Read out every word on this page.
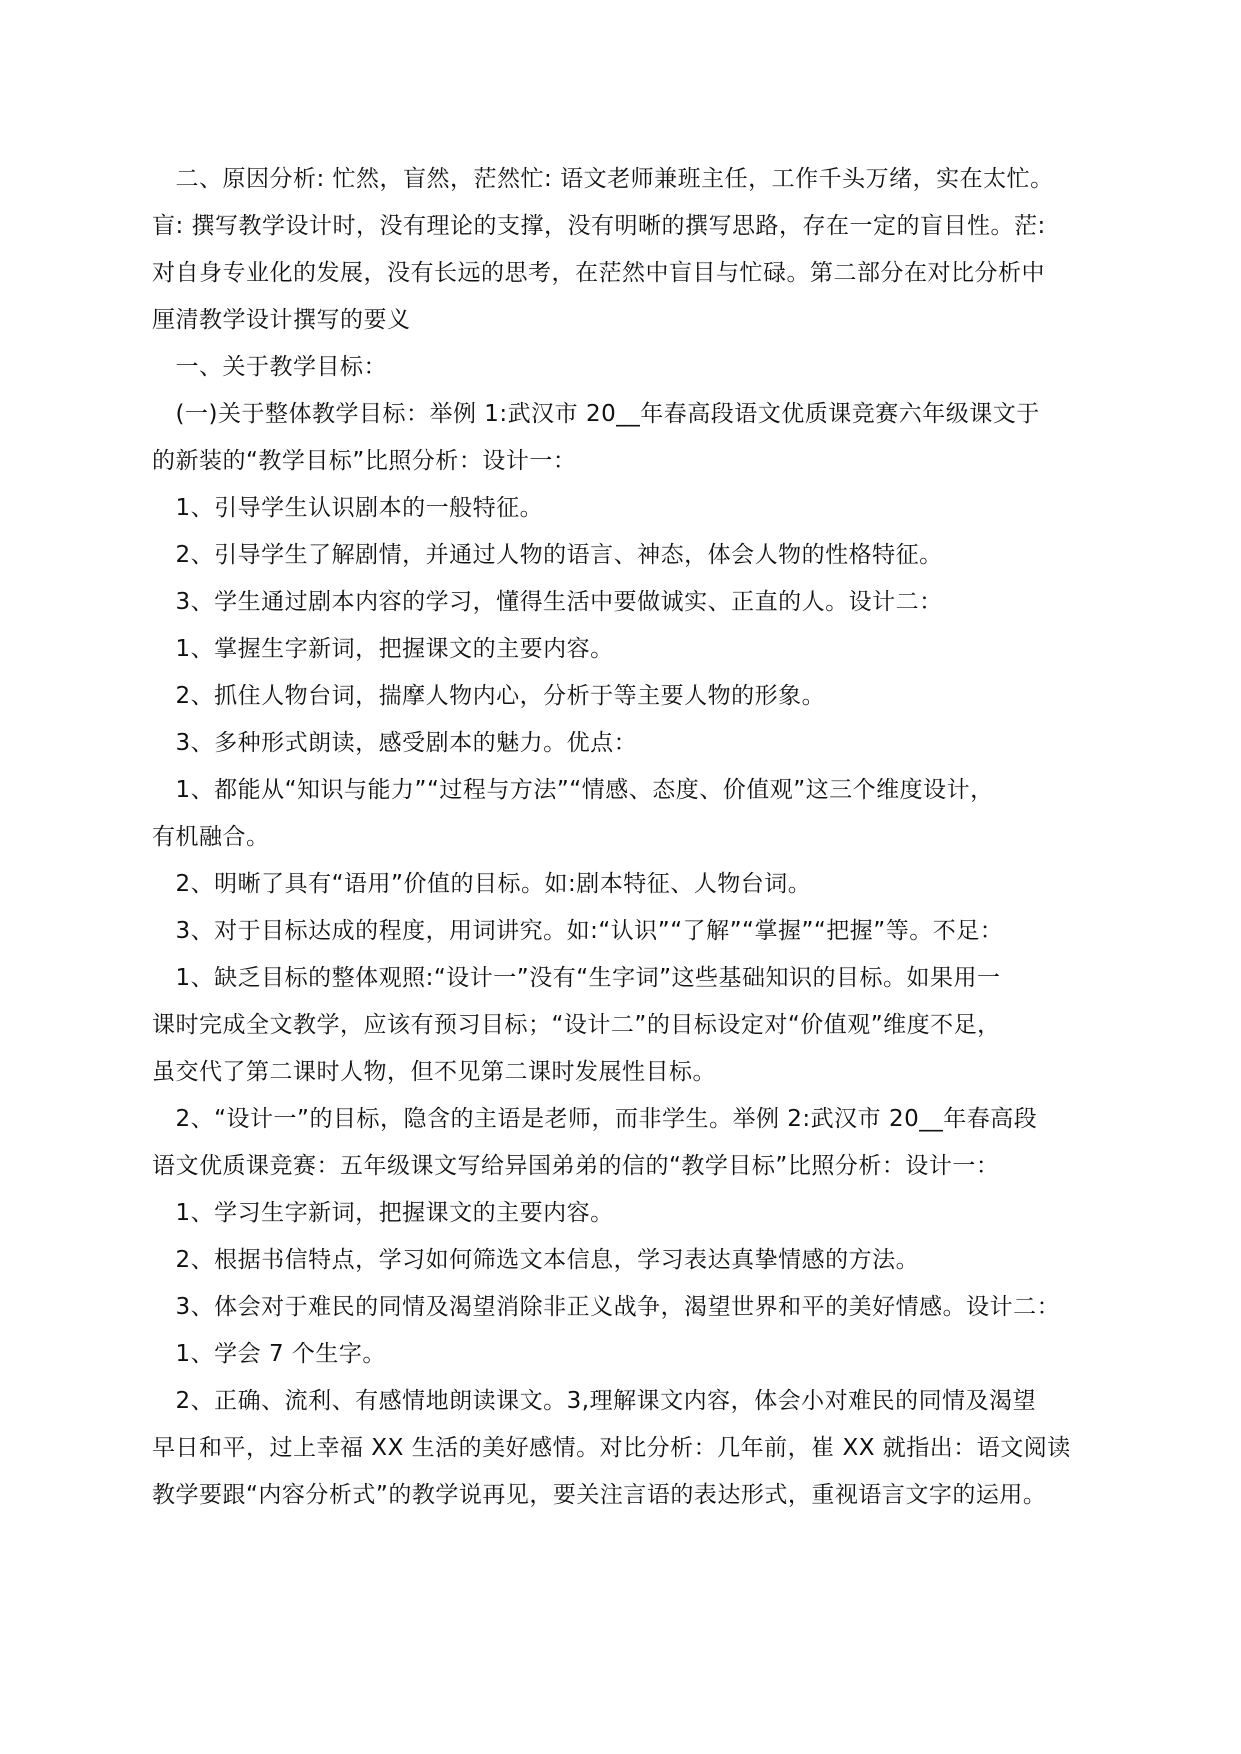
　二、原因分析: 忙然，盲然，茫然忙: 语文老师兼班主任，工作千头万绪，实在太忙。
盲: 撰写教学设计时，没有理论的支撑，没有明晰的撰写思路，存在一定的盲目性。茫:
对自身专业化的发展，没有长远的思考，在茫然中盲目与忙碌。第二部分在对比分析中
厘清教学设计撰写的要义
　一、关于教学目标：
　(一)关于整体教学目标：举例 1:武汉市 20__年春高段语文优质课竞赛六年级课文于
的新装的“教学目标”比照分析：设计一：
　1、引导学生认识剧本的一般特征。
　2、引导学生了解剧情，并通过人物的语言、神态，体会人物的性格特征。
　3、学生通过剧本内容的学习，懂得生活中要做诚实、正直的人。设计二：
　1、掌握生字新词，把握课文的主要内容。
　2、抓住人物台词，揣摩人物内心，分析于等主要人物的形象。
　3、多种形式朗读，感受剧本的魅力。优点：
　1、都能从“知识与能力”“过程与方法”“情感、态度、价值观”这三个维度设计，
有机融合。
　2、明晰了具有“语用”价值的目标。如:剧本特征、人物台词。
　3、对于目标达成的程度，用词讲究。如:“认识”“了解”“掌握”“把握”等。不足：
　1、缺乏目标的整体观照:“设计一”没有“生字词”这些基础知识的目标。如果用一
课时完成全文教学，应该有预习目标；“设计二”的目标设定对“价值观”维度不足，
虽交代了第二课时人物，但不见第二课时发展性目标。
　2、“设计一”的目标，隐含的主语是老师，而非学生。举例 2:武汉市 20__年春高段
语文优质课竞赛：五年级课文写给异国弟弟的信的“教学目标”比照分析：设计一：
　1、学习生字新词，把握课文的主要内容。
　2、根据书信特点，学习如何筛选文本信息，学习表达真挚情感的方法。
　3、体会对于难民的同情及渴望消除非正义战争，渴望世界和平的美好情感。设计二：
　1、学会 7 个生字。
　2、正确、流利、有感情地朗读课文。3,理解课文内容，体会小对难民的同情及渴望
早日和平，过上幸福 XX 生活的美好感情。对比分析：几年前，崔 XX 就指出：语文阅读
教学要跟“内容分析式”的教学说再见，要关注言语的表达形式，重视语言文字的运用。
